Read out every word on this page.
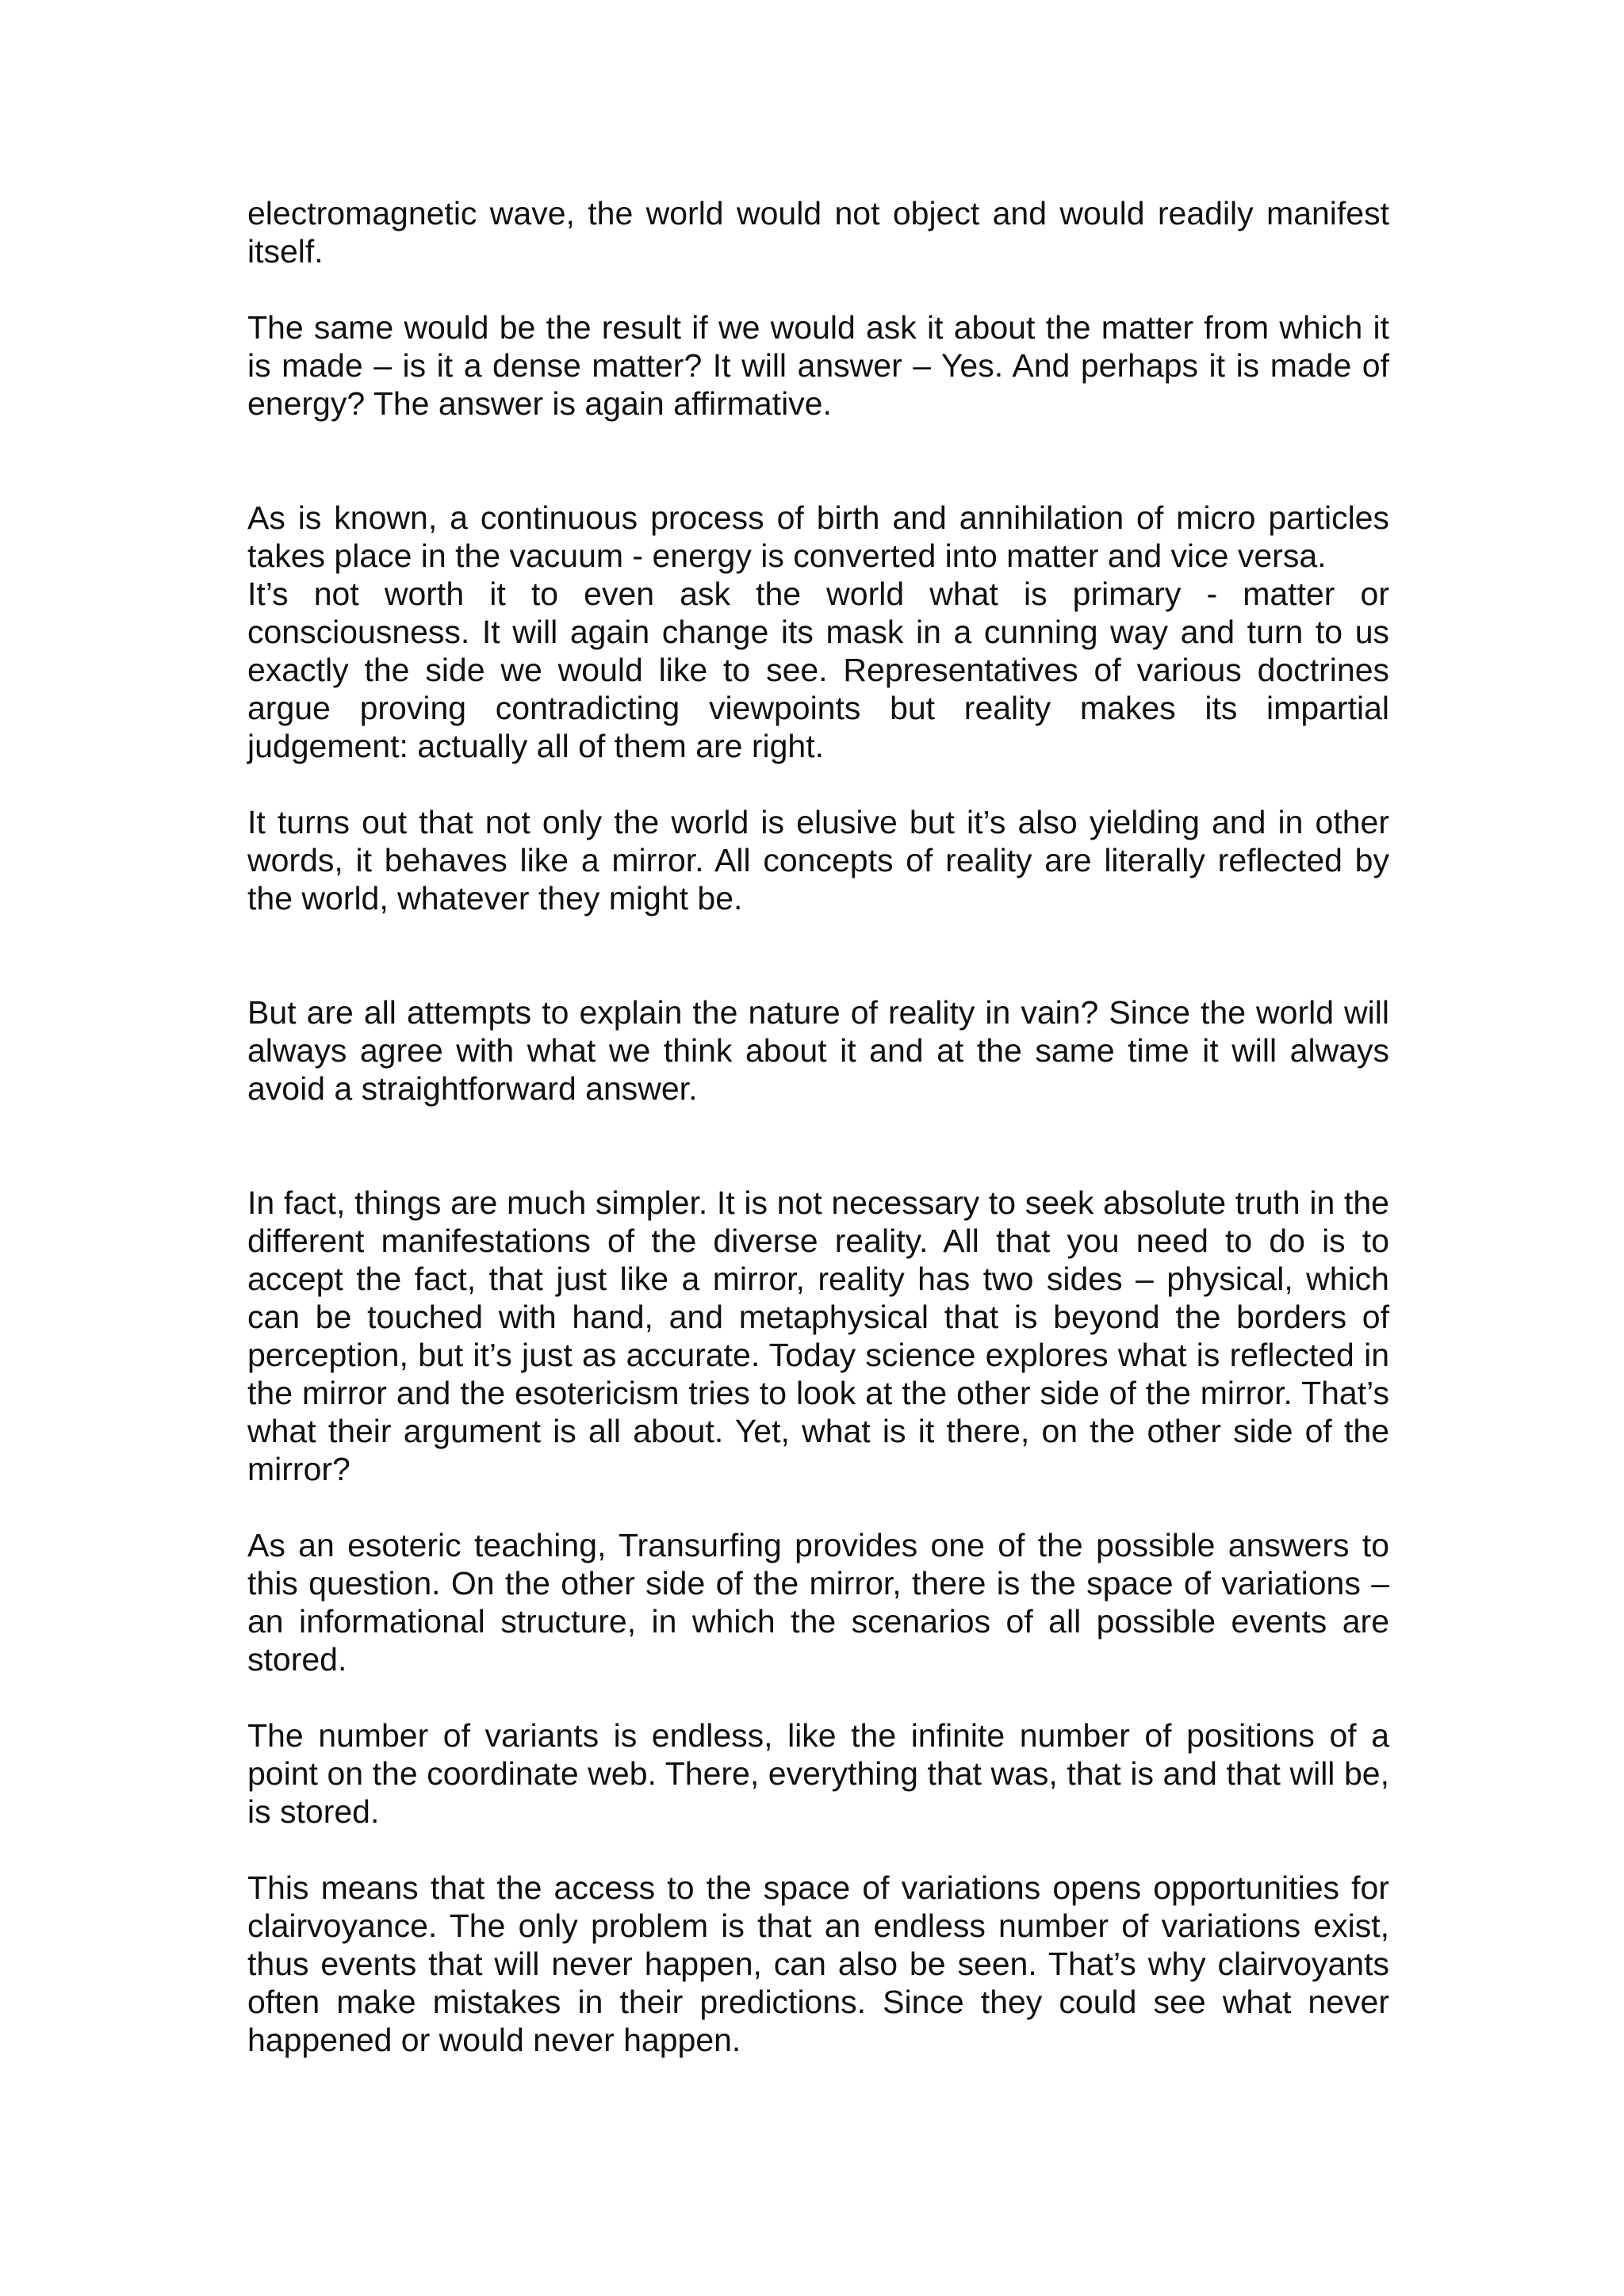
electromagnetic wave, the world would not object and would readily manifest itself.

The same would be the result if we would ask it about the matter from which it is made – is it a dense matter? It will answer – Yes. And perhaps it is made of energy? The answer is again affirmative.

As is known, a continuous process of birth and annihilation of micro particles takes place in the vacuum - energy is converted into matter and vice versa.

It’s not worth it to even ask the world what is primary - matter or consciousness. It will again change its mask in a cunning way and turn to us exactly the side we would like to see. Representatives of various doctrines argue proving contradicting viewpoints but reality makes its impartial judgement: actually all of them are right.

It turns out that not only the world is elusive but it’s also yielding and in other words, it behaves like a mirror. All concepts of reality are literally reflected by the world, whatever they might be.

But are all attempts to explain the nature of reality in vain? Since the world will always agree with what we think about it and at the same time it will always avoid a straightforward answer.

In fact, things are much simpler. It is not necessary to seek absolute truth in the different manifestations of the diverse reality. All that you need to do is to accept the fact, that just like a mirror, reality has two sides – physical, which can be touched with hand, and metaphysical that is beyond the borders of perception, but it’s just as accurate. Today science explores what is reflected in the mirror and the esotericism tries to look at the other side of the mirror. That’s what their argument is all about. Yet, what is it there, on the other side of the mirror?

As an esoteric teaching, Transurfing provides one of the possible answers to this question. On the other side of the mirror, there is the space of variations – an informational structure, in which the scenarios of all possible events are stored.

The number of variants is endless, like the infinite number of positions of a point on the coordinate web. There, everything that was, that is and that will be, is stored.

This means that the access to the space of variations opens opportunities for clairvoyance. The only problem is that an endless number of variations exist, thus events that will never happen, can also be seen. That’s why clairvoyants often make mistakes in their predictions. Since they could see what never happened or would never happen.
